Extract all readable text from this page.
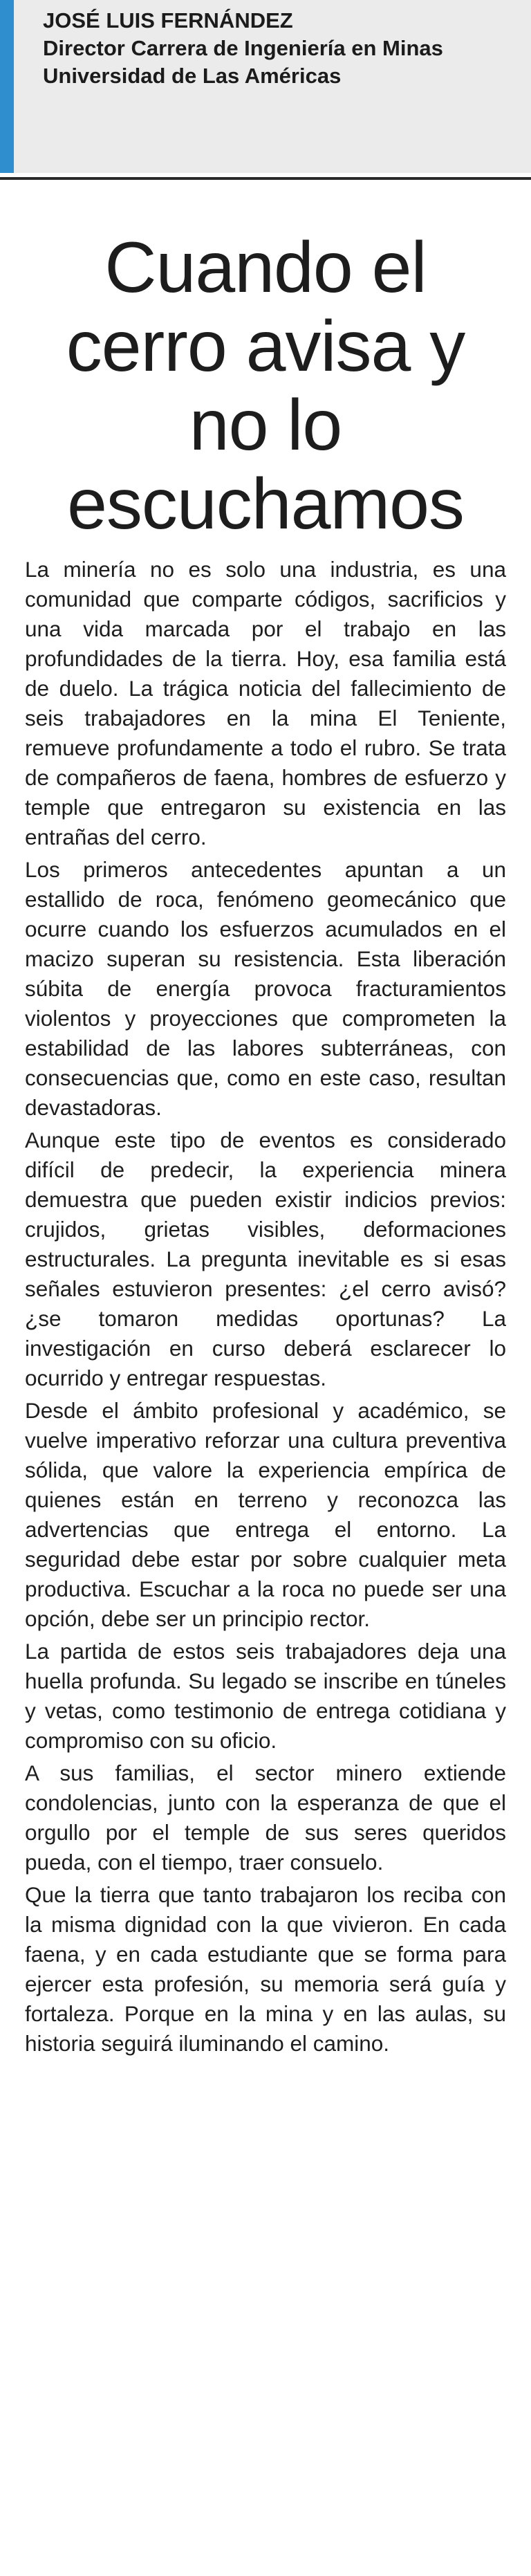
JOSÉ LUIS FERNÁNDEZ
Director Carrera de Ingeniería en Minas
Universidad de Las Américas
Cuando el cerro avisa y no lo escuchamos

La minería no es solo una industria, es una comunidad que comparte códigos, sacrificios y una vida marcada por el trabajo en las profundidades de la tierra. Hoy, esa familia está de duelo. La trágica noticia del fallecimiento de seis trabajadores en la mina El Teniente, remueve profundamente a todo el rubro. Se trata de compañeros de faena, hombres de esfuerzo y temple que entregaron su existencia en las entrañas del cerro.

Los primeros antecedentes apuntan a un estallido de roca, fenómeno geomecánico que ocurre cuando los esfuerzos acumulados en el macizo superan su resistencia. Esta liberación súbita de energía provoca fracturamientos violentos y proyecciones que comprometen la estabilidad de las labores subterráneas, con consecuencias que, como en este caso, resultan devastadoras.

Aunque este tipo de eventos es considerado difícil de predecir, la experiencia minera demuestra que pueden existir indicios previos: crujidos, grietas visibles, deformaciones estructurales. La pregunta inevitable es si esas señales estuvieron presentes: ¿el cerro avisó? ¿se tomaron medidas oportunas? La investigación en curso deberá esclarecer lo ocurrido y entregar respuestas.

Desde el ámbito profesional y académico, se vuelve imperativo reforzar una cultura preventiva sólida, que valore la experiencia empírica de quienes están en terreno y reconozca las advertencias que entrega el entorno. La seguridad debe estar por sobre cualquier meta productiva. Escuchar a la roca no puede ser una opción, debe ser un principio rector.

La partida de estos seis trabajadores deja una huella profunda. Su legado se inscribe en túneles y vetas, como testimonio de entrega cotidiana y compromiso con su oficio.

A sus familias, el sector minero extiende condolencias, junto con la esperanza de que el orgullo por el temple de sus seres queridos pueda, con el tiempo, traer consuelo.

Que la tierra que tanto trabajaron los reciba con la misma dignidad con la que vivieron. En cada faena, y en cada estudiante que se forma para ejercer esta profesión, su memoria será guía y fortaleza. Porque en la mina y en las aulas, su historia seguirá iluminando el camino.
